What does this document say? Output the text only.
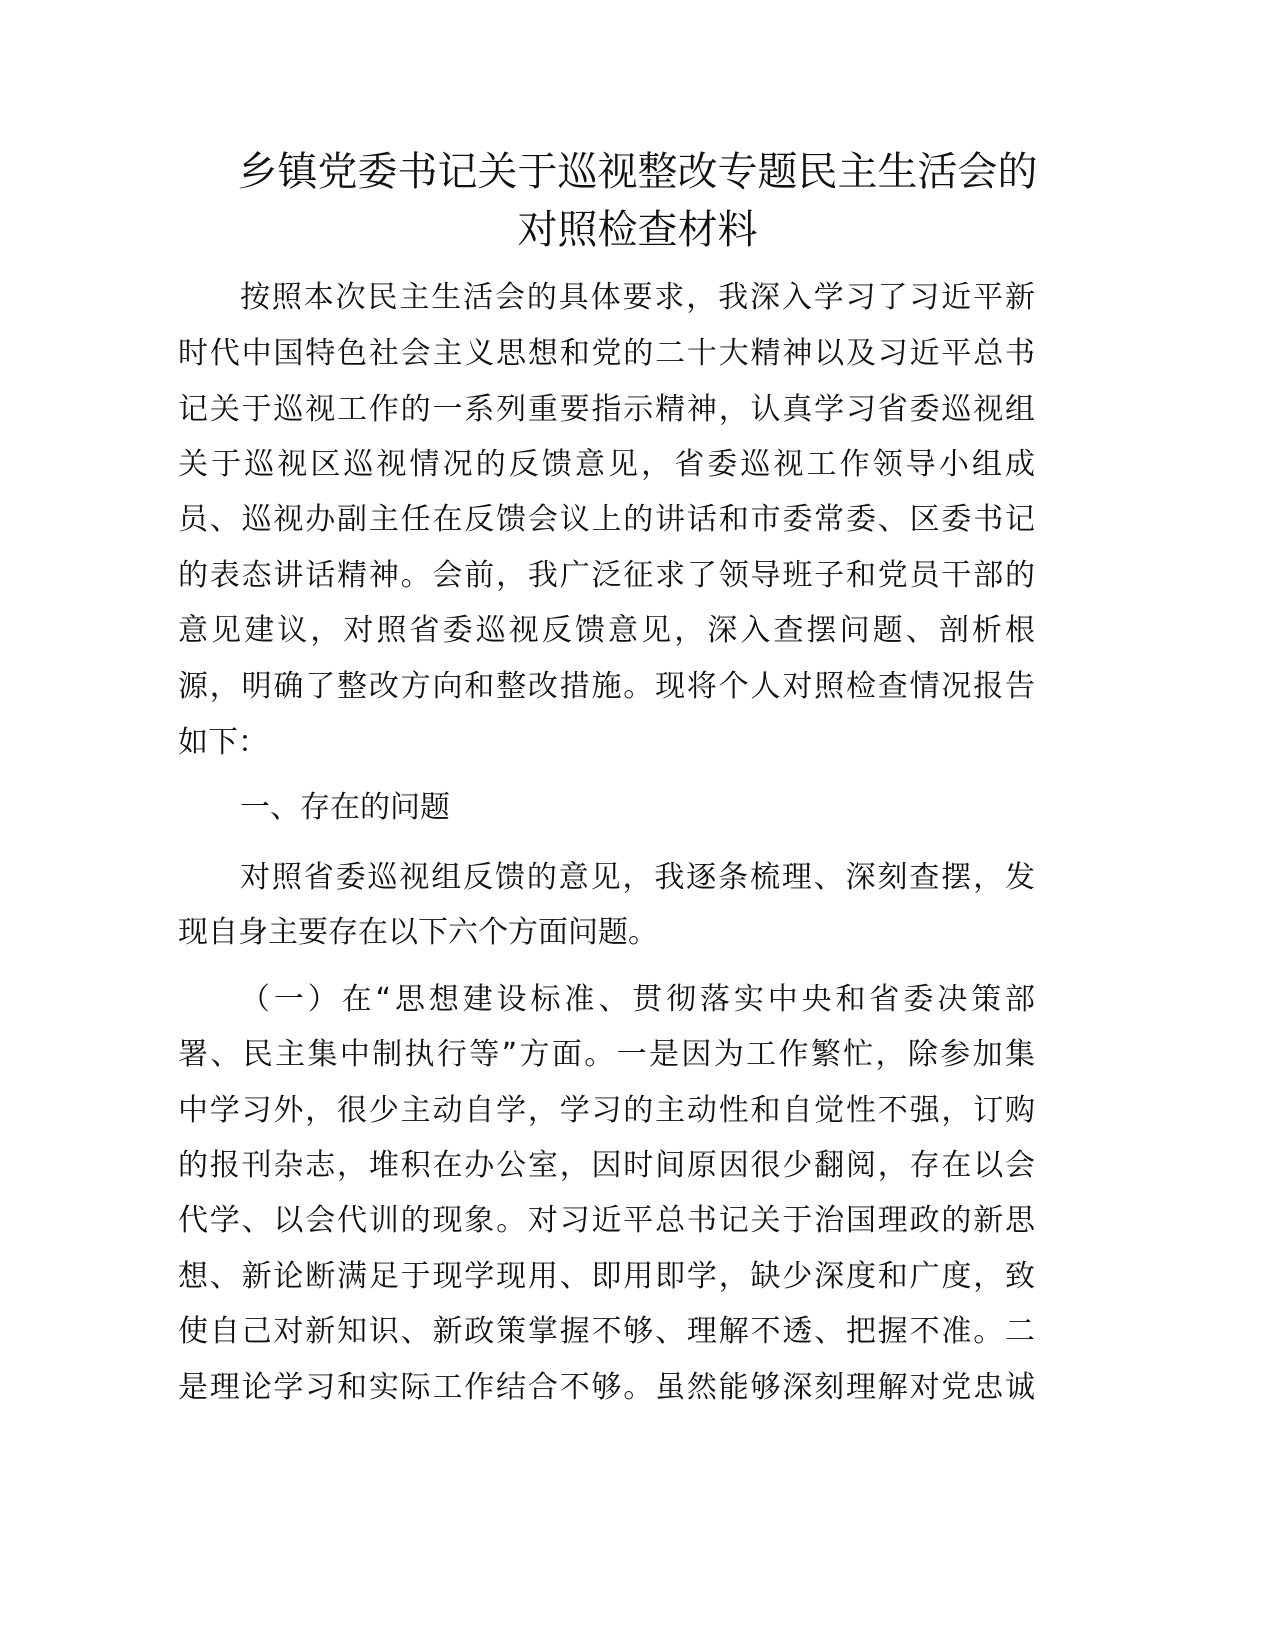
乡镇党委书记关于巡视整改专题民主生活会的
对照检查材料
按照本次民主生活会的具体要求，我深入学习了习近平新
时代中国特色社会主义思想和党的二十大精神以及习近平总书
记关于巡视工作的一系列重要指示精神，认真学习省委巡视组
关于巡视区巡视情况的反馈意见，省委巡视工作领导小组成
员、巡视办副主任在反馈会议上的讲话和市委常委、区委书记
的表态讲话精神。会前，我广泛征求了领导班子和党员干部的
意见建议，对照省委巡视反馈意见，深入查摆问题、剖析根
源，明确了整改方向和整改措施。现将个人对照检查情况报告
如下：
一、存在的问题
对照省委巡视组反馈的意见，我逐条梳理、深刻查摆，发
现自身主要存在以下六个方面问题。
（一）在“思想建设标准、贯彻落实中央和省委决策部
署、民主集中制执行等”方面。一是因为工作繁忙，除参加集
中学习外，很少主动自学，学习的主动性和自觉性不强，订购
的报刊杂志，堆积在办公室，因时间原因很少翻阅，存在以会
代学、以会代训的现象。对习近平总书记关于治国理政的新思
想、新论断满足于现学现用、即用即学，缺少深度和广度，致
使自己对新知识、新政策掌握不够、理解不透、把握不准。二
是理论学习和实际工作结合不够。虽然能够深刻理解对党忠诚
